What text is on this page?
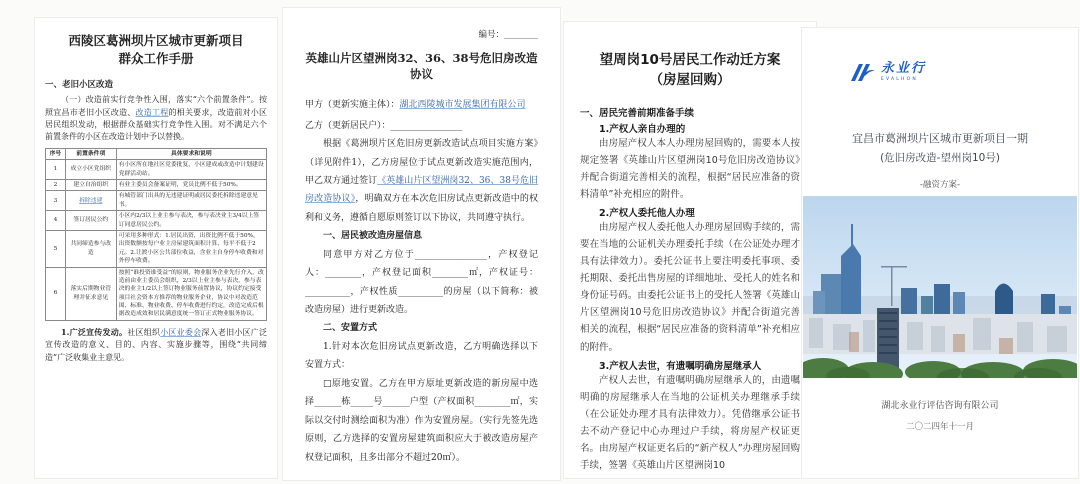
西陵区葛洲坝片区城市更新项目
群众工作手册
一、老旧小区改造
（一）改造前实行竞争性入围，落实“六个前置条件”。按照宜昌市老旧小区改造、改造工程的相关要求，改造前对小区居民组织发动，根据群众基础实行竞争性入围。对不满足六个前置条件的小区在改造计划中予以替换。
序号	前置条件项	具体要求和说明
1	成立小区党组织	有小区所在地社区党委批复，小区建成或改造中计划建设党群活动站。
2	建立自治组织	有业主委员会备案证明，党员比例不低于50%。
3	拆除违建	有城管部门出具的无违建证明或居民委托拆除违建意见书。
4	签订居民公约	小区内2/3以上业主参与表决，参与表决业主3/4以上签订同意居民公约。
5	共同缔造参与改造	可采用多种形式：1.居民出资，出资比例不低于50%，出资数额按每户业主房屋建筑面积计算，每平不低于2元。2.让渡小区公共部位收益，含业主自身停车收费和对外停车收费。
6	落实后期物业管理并征求意见	按照“谁投资谁受益”的原则，物业服务企业先行介入，改造前由业主委员会组织，2/3以上业主参与表决，参与表决的业主1/2以上签订物业服务前置协议，协议约定接受项目社会资本方推荐的物业服务企业，协议中对改造范围、标准、物业收费、停车收费进行约定，改造完成后根据改造成效和居民满意度统一签订正式物业服务协议。
1.广泛宣传发动。社区组织小区业委会深入老旧小区广泛宣传改造的意义、目的、内容、实施步骤等，围绕“共同缔造”广泛收集业主意见。
编号：________
英雄山片区望洲岗32、36、38号危旧房改造协议
甲方（更新实施主体）：湖北西陵城市发展集团有限公司
乙方（更新居民户）：________________
根据《葛洲坝片区危旧房更新改造试点项目实施方案》（详见附件1），乙方房屋位于试点更新改造实施范围内，甲乙双方通过签订《英雄山片区望洲岗32、36、38号危旧房改造协议》，明确双方在本次危旧房试点更新改造中的权利和义务，遵循自愿原则签订以下协议，共同遵守执行。
一、居民被改造房屋信息
同意甲方对乙方位于________________，产权登记人：________，产权登记面积________㎡，产权证号：__________，产权性质__________的房屋（以下简称：被改造房屋）进行更新改造。
二、安置方式
1.针对本次危旧房试点更新改造，乙方明确选择以下安置方式：
□原地安置。乙方在甲方原址更新改造的新房屋中选择______栋_____号______户型（产权面积________㎡，实际以交付时测绘面积为准）作为安置房屋。（实行先签先选原则，乙方选择的安置房屋建筑面积应大于被改造房屋产权登记面积，且多出部分不超过20㎡）。
望周岗10号居民工作动迁方案
（房屋回购）
一、居民完善前期准备手续
1.产权人亲自办理的
由房屋产权人本人办理房屋回购的，需要本人按规定签署《英雄山片区望洲岗10号危旧房改造协议》并配合街道完善相关的流程，根据“居民应准备的资料清单”补充相应的附件。
2.产权人委托他人办理
由房屋产权人委托他人办理房屋回购手续的，需要在当地的公证机关办理委托手续（在公证处办理才具有法律效力）。委托公证书上要注明委托事项、委托期限、委托出售房屋的详细地址、受托人的姓名和身份证号码。由委托公证书上的受托人签署《英雄山片区望洲岗10号危旧房改造协议》并配合街道完善相关的流程，根据“居民应准备的资料清单”补充相应的附件。
3.产权人去世，有遗嘱明确房屋继承人
产权人去世，有遗嘱明确房屋继承人的，由遗嘱明确的房屋继承人在当地的公证机关办理继承手续（在公证处办理才具有法律效力）。凭借继承公证书去不动产登记中心办理过户手续，将房屋产权证更名。由房屋产权证更名后的“新产权人”办理房屋回购手续，签署《英雄山片区望洲岗10
永业行
EVALHON
宜昌市葛洲坝片区城市更新项目一期
(危旧房改造-望州岗10号)
-融资方案-
湖北永业行评估咨询有限公司
二〇二四年十一月
